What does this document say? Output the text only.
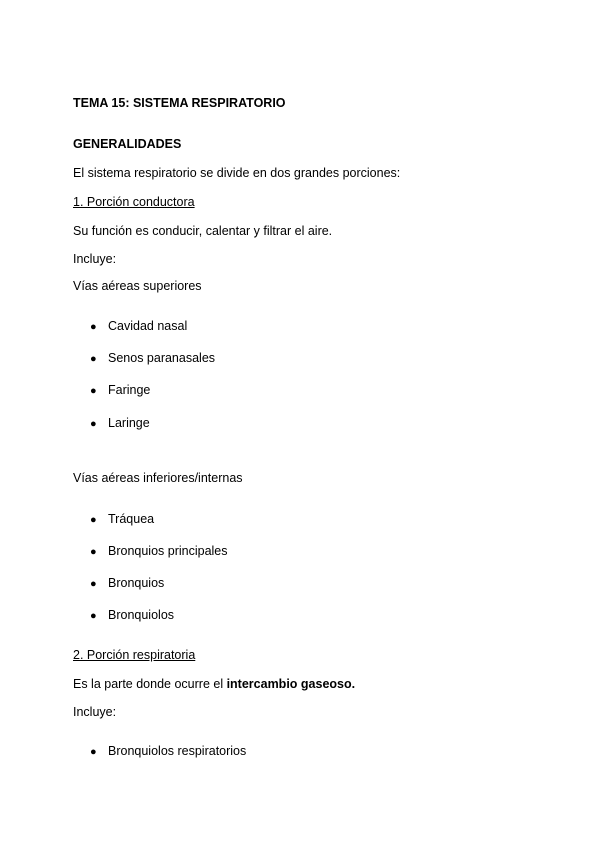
TEMA 15: SISTEMA RESPIRATORIO
GENERALIDADES
El sistema respiratorio se divide en dos grandes porciones:
1. Porción conductora
Su función es conducir, calentar y filtrar el aire.
Incluye:
Vías aéreas superiores
● Cavidad nasal
● Senos paranasales
● Faringe
● Laringe
Vías aéreas inferiores/internas
● Tráquea
● Bronquios principales
● Bronquios
● Bronquiolos
2. Porción respiratoria
Es la parte donde ocurre el intercambio gaseoso.
Incluye:
● Bronquiolos respiratorios
